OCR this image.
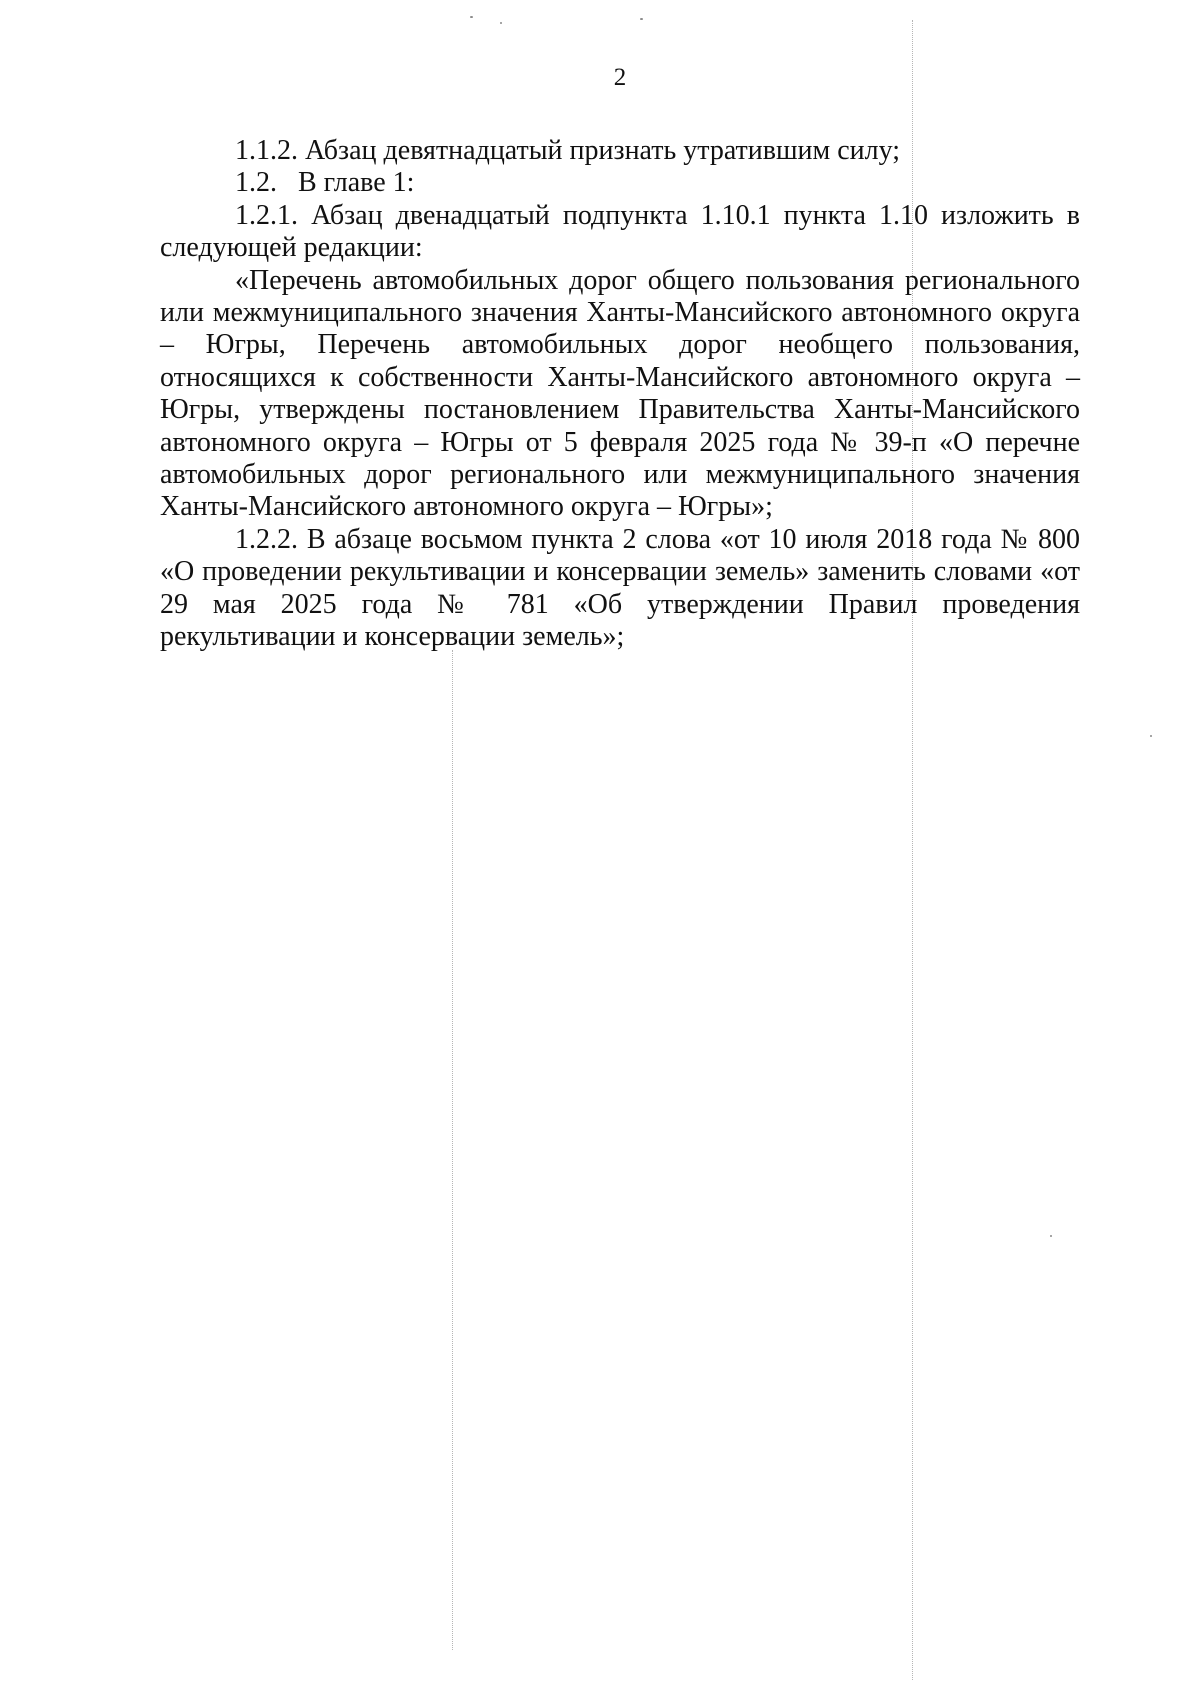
2

1.1.2. Абзац девятнадцатый признать утратившим силу;

1.2.   В главе 1:

1.2.1. Абзац двенадцатый подпункта 1.10.1 пункта 1.10 изложить в следующей редакции:

«Перечень автомобильных дорог общего пользования регионального или межмуниципального значения Ханты-Мансийского автономного округа – Югры, Перечень автомобильных дорог необщего пользования, относящихся к собственности Ханты-Мансийского автономного округа – Югры, утверждены постановлением Правительства Ханты-Мансийского автономного округа – Югры от 5 февраля 2025 года № 39-п «О перечне автомобильных дорог регионального или межмуниципального значения Ханты-Мансийского автономного округа – Югры»;

1.2.2. В абзаце восьмом пункта 2 слова «от 10 июля 2018 года № 800 «О проведении рекультивации и консервации земель» заменить словами «от 29 мая 2025 года № 781 «Об утверждении Правил проведения рекультивации и консервации земель»;
